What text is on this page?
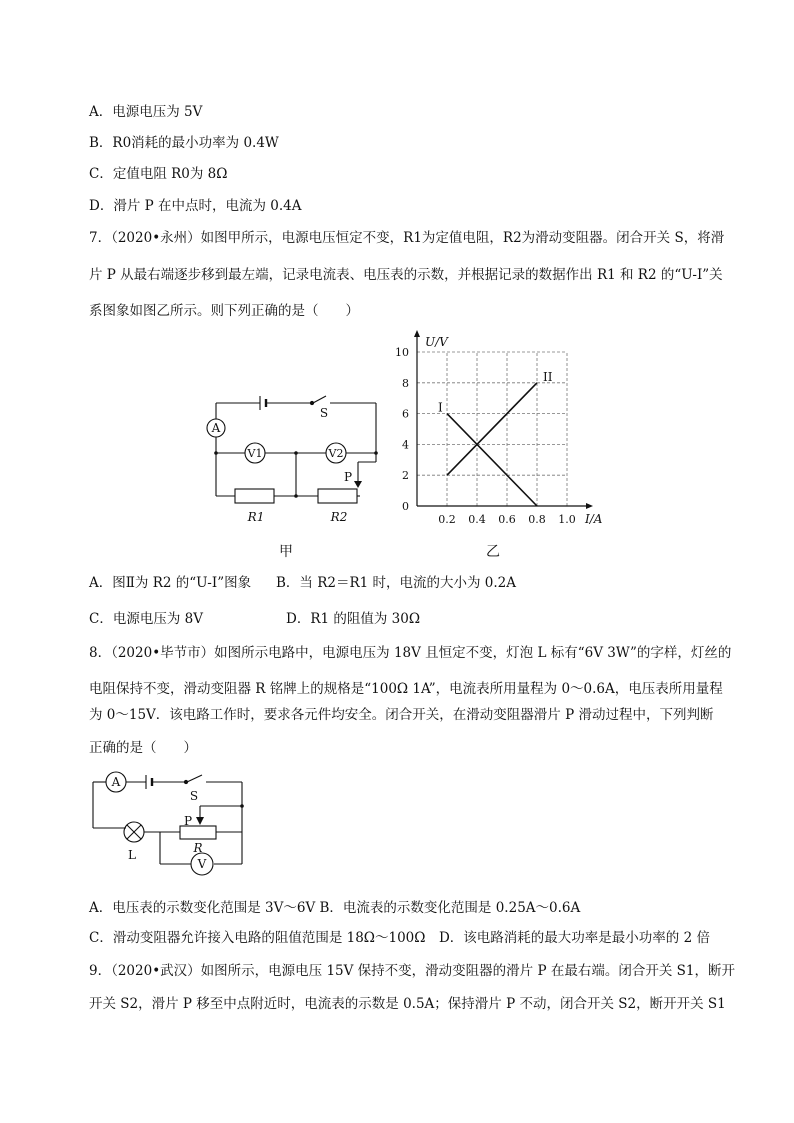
A．电源电压为 5V
B．R0消耗的最小功率为 0.4W
C．定值电阻 R0为 8Ω
D．滑片 P 在中点时，电流为 0.4A
7．（2020•永州）如图甲所示，电源电压恒定不变，R1为定值电阻，R2为滑动变阻器。闭合开关 S，将滑
片 P 从最右端逐步移到最左端，记录电流表、电压表的示数，并根据记录的数据作出 R1 和 R2 的“U-I”关
系图象如图乙所示。则下列正确的是（　　）
A
S
V1	V2
P
R1	R2
甲
0.2 0.4 0.6 0.8 1.0
0
2
4
6
8
10
I/A
U/V
I
II
乙
A．图Ⅱ为 R2 的“U-I”图象 B．当 R2＝R1 时，电流的大小为 0.2A
C．电源电压为 8V	D．R1 的阻值为 30Ω
8．（2020•毕节市）如图所示电路中，电源电压为 18V 且恒定不变，灯泡 L 标有“6V 3W”的字样，灯丝的
电阻保持不变，滑动变阻器 R 铭牌上的规格是“100Ω 1A”，电流表所用量程为 0～0.6A，电压表所用量程
为 0～15V．该电路工作时，要求各元件均安全。闭合开关，在滑动变阻器滑片 P 滑动过程中，下列判断
正确的是（　　）
A
S
P
R
L
V
A．电压表的示数变化范围是 3V～6V B．电流表的示数变化范围是 0.25A～0.6A
C．滑动变阻器允许接入电路的阻值范围是 18Ω～100Ω　D．该电路消耗的最大功率是最小功率的 2 倍
9．（2020•武汉）如图所示，电源电压 15V 保持不变，滑动变阻器的滑片 P 在最右端。闭合开关 S1，断开
开关 S2，滑片 P 移至中点附近时，电流表的示数是 0.5A；保持滑片 P 不动，闭合开关 S2，断开开关 S1
